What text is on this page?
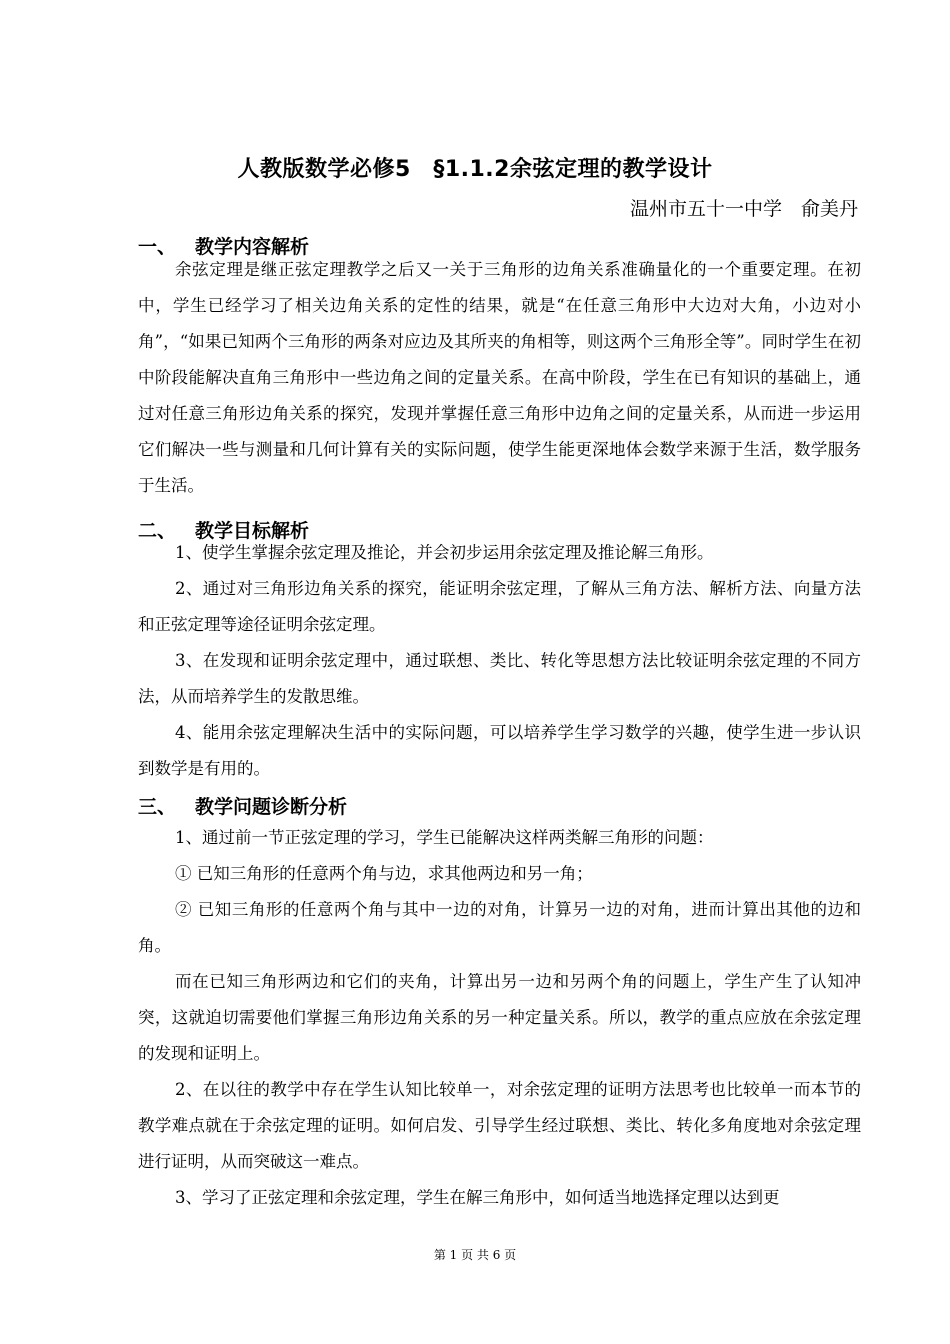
人教版数学必修5　§1.1.2余弦定理的教学设计
温州市五十一中学　俞美丹
一、 教学内容解析
余弦定理是继正弦定理教学之后又一关于三角形的边角关系准确量化的一个重要定理。在初中，学生已经学习了相关边角关系的定性的结果，就是“在任意三角形中大边对大角，小边对小角”，“如果已知两个三角形的两条对应边及其所夹的角相等，则这两个三角形全等”。同时学生在初中阶段能解决直角三角形中一些边角之间的定量关系。在高中阶段，学生在已有知识的基础上，通过对任意三角形边角关系的探究，发现并掌握任意三角形中边角之间的定量关系，从而进一步运用它们解决一些与测量和几何计算有关的实际问题，使学生能更深地体会数学来源于生活，数学服务于生活。
二、 教学目标解析
1、使学生掌握余弦定理及推论，并会初步运用余弦定理及推论解三角形。
2、通过对三角形边角关系的探究，能证明余弦定理，了解从三角方法、解析方法、向量方法和正弦定理等途径证明余弦定理。
3、在发现和证明余弦定理中，通过联想、类比、转化等思想方法比较证明余弦定理的不同方法，从而培养学生的发散思维。
4、能用余弦定理解决生活中的实际问题，可以培养学生学习数学的兴趣，使学生进一步认识到数学是有用的。
三、 教学问题诊断分析
1、通过前一节正弦定理的学习，学生已能解决这样两类解三角形的问题：
① 已知三角形的任意两个角与边，求其他两边和另一角；
② 已知三角形的任意两个角与其中一边的对角，计算另一边的对角，进而计算出其他的边和角。
而在已知三角形两边和它们的夹角，计算出另一边和另两个角的问题上，学生产生了认知冲突，这就迫切需要他们掌握三角形边角关系的另一种定量关系。所以，教学的重点应放在余弦定理的发现和证明上。
2、在以往的教学中存在学生认知比较单一，对余弦定理的证明方法思考也比较单一而本节的教学难点就在于余弦定理的证明。如何启发、引导学生经过联想、类比、转化多角度地对余弦定理进行证明，从而突破这一难点。
3、学习了正弦定理和余弦定理，学生在解三角形中，如何适当地选择定理以达到更
第 1 页 共 6 页
